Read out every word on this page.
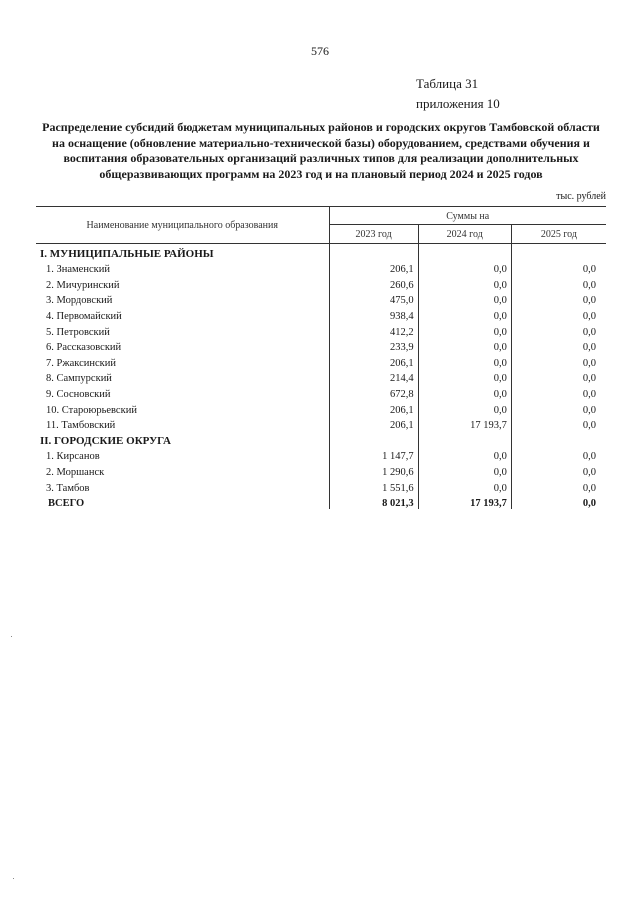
576
Таблица 31
приложения 10
Распределение субсидий бюджетам муниципальных районов и городских округов Тамбовской области на оснащение (обновление материально-технической базы) оборудованием, средствами обучения и воспитания образовательных организаций различных типов для реализации дополнительных общеразвивающих программ на 2023 год и на плановый период 2024 и 2025 годов
тыс. рублей
Наименование муниципального образования	Суммы на		
	2023 год	2024 год	2025 год
I. МУНИЦИПАЛЬНЫЕ РАЙОНЫ			
1. Знаменский	206,1	0,0	0,0
2. Мичуринский	260,6	0,0	0,0
3. Мордовский	475,0	0,0	0,0
4. Первомайский	938,4	0,0	0,0
5. Петровский	412,2	0,0	0,0
6. Рассказовский	233,9	0,0	0,0
7. Ржаксинский	206,1	0,0	0,0
8. Сампурский	214,4	0,0	0,0
9. Сосновский	672,8	0,0	0,0
10. Староюрьевский	206,1	0,0	0,0
11. Тамбовский	206,1	17 193,7	0,0
II. ГОРОДСКИЕ ОКРУГА			
1. Кирсанов	1 147,7	0,0	0,0
2. Моршанск	1 290,6	0,0	0,0
3. Тамбов	1 551,6	0,0	0,0
ВСЕГО	8 021,3	17 193,7	0,0
